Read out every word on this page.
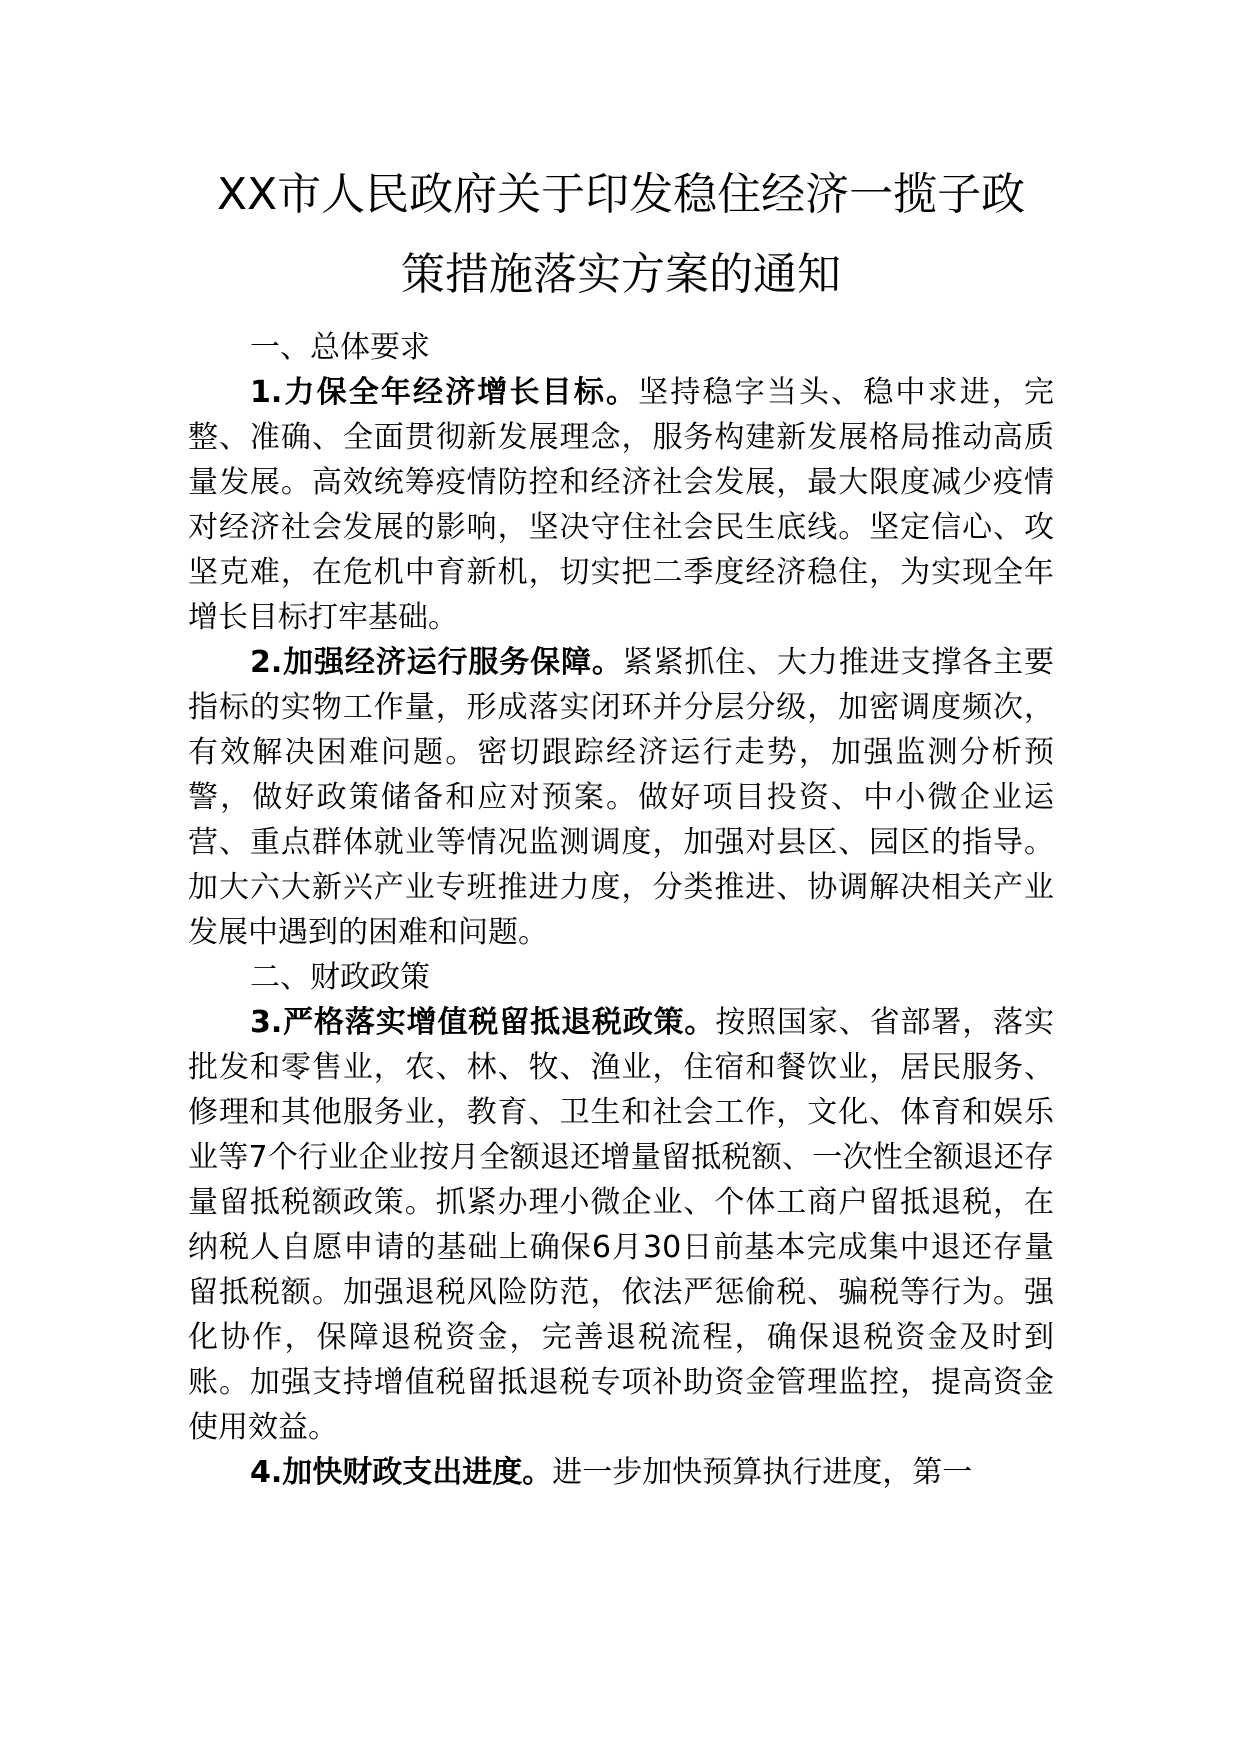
XX市人民政府关于印发稳住经济一揽子政
策措施落实方案的通知

一、总体要求

1.力保全年经济增长目标。坚持稳字当头、稳中求进，完整、准确、全面贯彻新发展理念，服务构建新发展格局推动高质量发展。高效统筹疫情防控和经济社会发展，最大限度减少疫情对经济社会发展的影响，坚决守住社会民生底线。坚定信心、攻坚克难，在危机中育新机，切实把二季度经济稳住，为实现全年增长目标打牢基础。

2.加强经济运行服务保障。紧紧抓住、大力推进支撑各主要指标的实物工作量，形成落实闭环并分层分级，加密调度频次，有效解决困难问题。密切跟踪经济运行走势，加强监测分析预警，做好政策储备和应对预案。做好项目投资、中小微企业运营、重点群体就业等情况监测调度，加强对县区、园区的指导。加大六大新兴产业专班推进力度，分类推进、协调解决相关产业发展中遇到的困难和问题。

二、财政政策

3.严格落实增值税留抵退税政策。按照国家、省部署，落实批发和零售业，农、林、牧、渔业，住宿和餐饮业，居民服务、修理和其他服务业，教育、卫生和社会工作，文化、体育和娱乐业等7个行业企业按月全额退还增量留抵税额、一次性全额退还存量留抵税额政策。抓紧办理小微企业、个体工商户留抵退税，在纳税人自愿申请的基础上确保6月30日前基本完成集中退还存量留抵税额。加强退税风险防范，依法严惩偷税、骗税等行为。强化协作，保障退税资金，完善退税流程，确保退税资金及时到账。加强支持增值税留抵退税专项补助资金管理监控，提高资金使用效益。

4.加快财政支出进度。进一步加快预算执行进度，第一
